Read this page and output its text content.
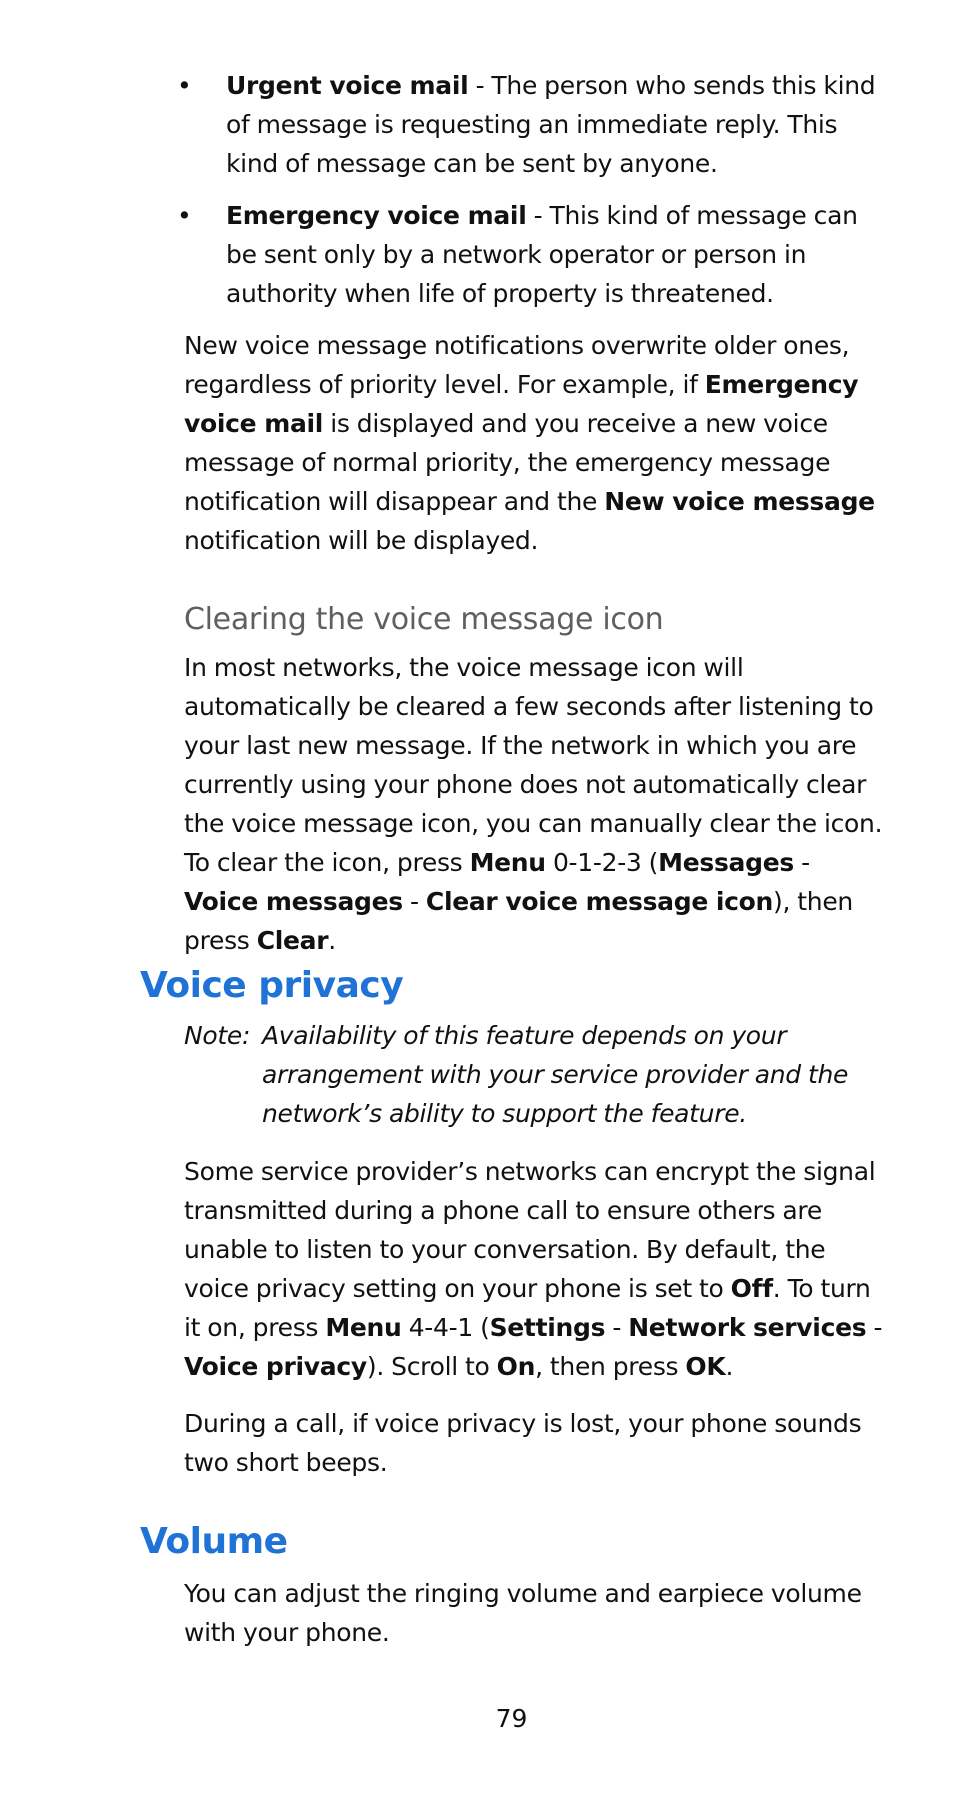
• Urgent voice mail - The person who sends this kind of message is requesting an immediate reply. This kind of message can be sent by anyone.
• Emergency voice mail - This kind of message can be sent only by a network operator or person in authority when life of property is threatened.
New voice message notifications overwrite older ones, regardless of priority level. For example, if Emergency voice mail is displayed and you receive a new voice message of normal priority, the emergency message notification will disappear and the New voice message notification will be displayed.
Clearing the voice message icon
In most networks, the voice message icon will automatically be cleared a few seconds after listening to your last new message. If the network in which you are currently using your phone does not automatically clear the voice message icon, you can manually clear the icon. To clear the icon, press Menu 0-1-2-3 (Messages - Voice messages - Clear voice message icon), then press Clear.
Voice privacy
Note: Availability of this feature depends on your arrangement with your service provider and the network’s ability to support the feature.
Some service provider’s networks can encrypt the signal transmitted during a phone call to ensure others are unable to listen to your conversation. By default, the voice privacy setting on your phone is set to Off. To turn it on, press Menu 4-4-1 (Settings - Network services - Voice privacy). Scroll to On, then press OK.
During a call, if voice privacy is lost, your phone sounds two short beeps.
Volume
You can adjust the ringing volume and earpiece volume with your phone.
79
